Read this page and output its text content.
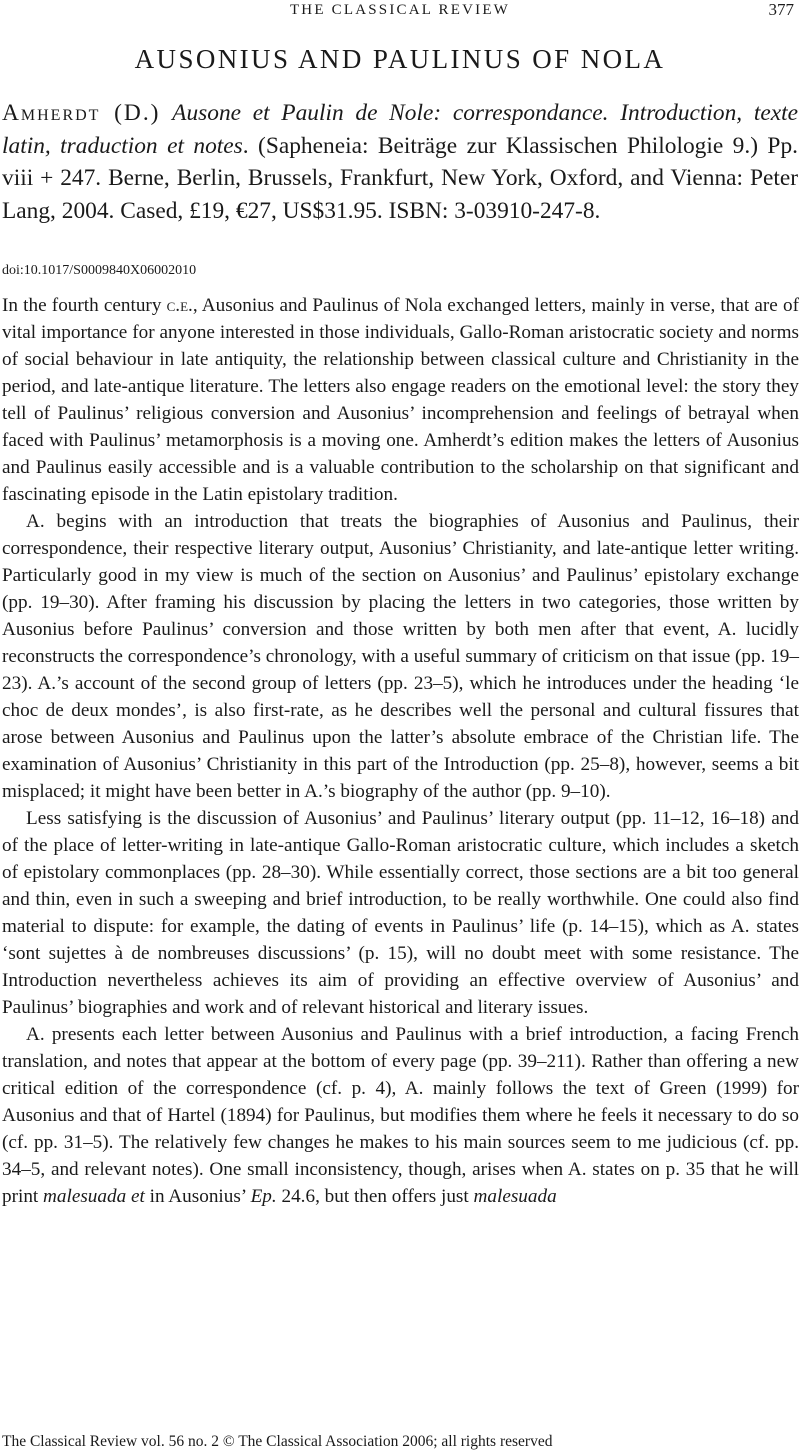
THE CLASSICAL REVIEW	377
AUSONIUS AND PAULINUS OF NOLA

Amherdt (D.) Ausone et Paulin de Nole: correspondance. Introduction, texte latin, traduction et notes. (Sapheneia: Beiträge zur Klassischen Philologie 9.) Pp. viii + 247. Berne, Berlin, Brussels, Frankfurt, New York, Oxford, and Vienna: Peter Lang, 2004. Cased, £19, €27, US$31.95. ISBN: 3-03910-247-8.

doi:10.1017/S0009840X06002010

In the fourth century c.e., Ausonius and Paulinus of Nola exchanged letters, mainly in verse, that are of vital importance for anyone interested in those individuals, Gallo-Roman aristocratic society and norms of social behaviour in late antiquity, the relationship between classical culture and Christianity in the period, and late-antique literature. The letters also engage readers on the emotional level: the story they tell of Paulinus’ religious conversion and Ausonius’ incomprehension and feelings of betrayal when faced with Paulinus’ metamorphosis is a moving one. Amherdt’s edition makes the letters of Ausonius and Paulinus easily accessible and is a valuable contribution to the scholarship on that significant and fascinating episode in the Latin epistolary tradition.

A. begins with an introduction that treats the biographies of Ausonius and Paulinus, their correspondence, their respective literary output, Ausonius’ Christianity, and late-antique letter writing. Particularly good in my view is much of the section on Ausonius’ and Paulinus’ epistolary exchange (pp. 19–30). After framing his discussion by placing the letters in two categories, those written by Ausonius before Paulinus’ conversion and those written by both men after that event, A. lucidly reconstructs the correspondence’s chronology, with a useful summary of criticism on that issue (pp. 19–23). A.’s account of the second group of letters (pp. 23–5), which he introduces under the heading ‘le choc de deux mondes’, is also first-rate, as he describes well the personal and cultural fissures that arose between Ausonius and Paulinus upon the latter’s absolute embrace of the Christian life. The examination of Ausonius’ Christianity in this part of the Introduction (pp. 25–8), however, seems a bit misplaced; it might have been better in A.’s biography of the author (pp. 9–10).

Less satisfying is the discussion of Ausonius’ and Paulinus’ literary output (pp. 11–12, 16–18) and of the place of letter-writing in late-antique Gallo-Roman aristocratic culture, which includes a sketch of epistolary commonplaces (pp. 28–30). While essentially correct, those sections are a bit too general and thin, even in such a sweeping and brief introduction, to be really worthwhile. One could also find material to dispute: for example, the dating of events in Paulinus’ life (p. 14–15), which as A. states ‘sont sujettes à de nombreuses discussions’ (p. 15), will no doubt meet with some resistance. The Introduction nevertheless achieves its aim of providing an effective overview of Ausonius’ and Paulinus’ biographies and work and of relevant historical and literary issues.

A. presents each letter between Ausonius and Paulinus with a brief introduction, a facing French translation, and notes that appear at the bottom of every page (pp. 39–211). Rather than offering a new critical edition of the correspondence (cf. p. 4), A. mainly follows the text of Green (1999) for Ausonius and that of Hartel (1894) for Paulinus, but modifies them where he feels it necessary to do so (cf. pp. 31–5). The relatively few changes he makes to his main sources seem to me judicious (cf. pp. 34–5, and relevant notes). One small inconsistency, though, arises when A. states on p. 35 that he will print malesuada et in Ausonius’ Ep. 24.6, but then offers just malesuada

The Classical Review vol. 56 no. 2 © The Classical Association 2006; all rights reserved
